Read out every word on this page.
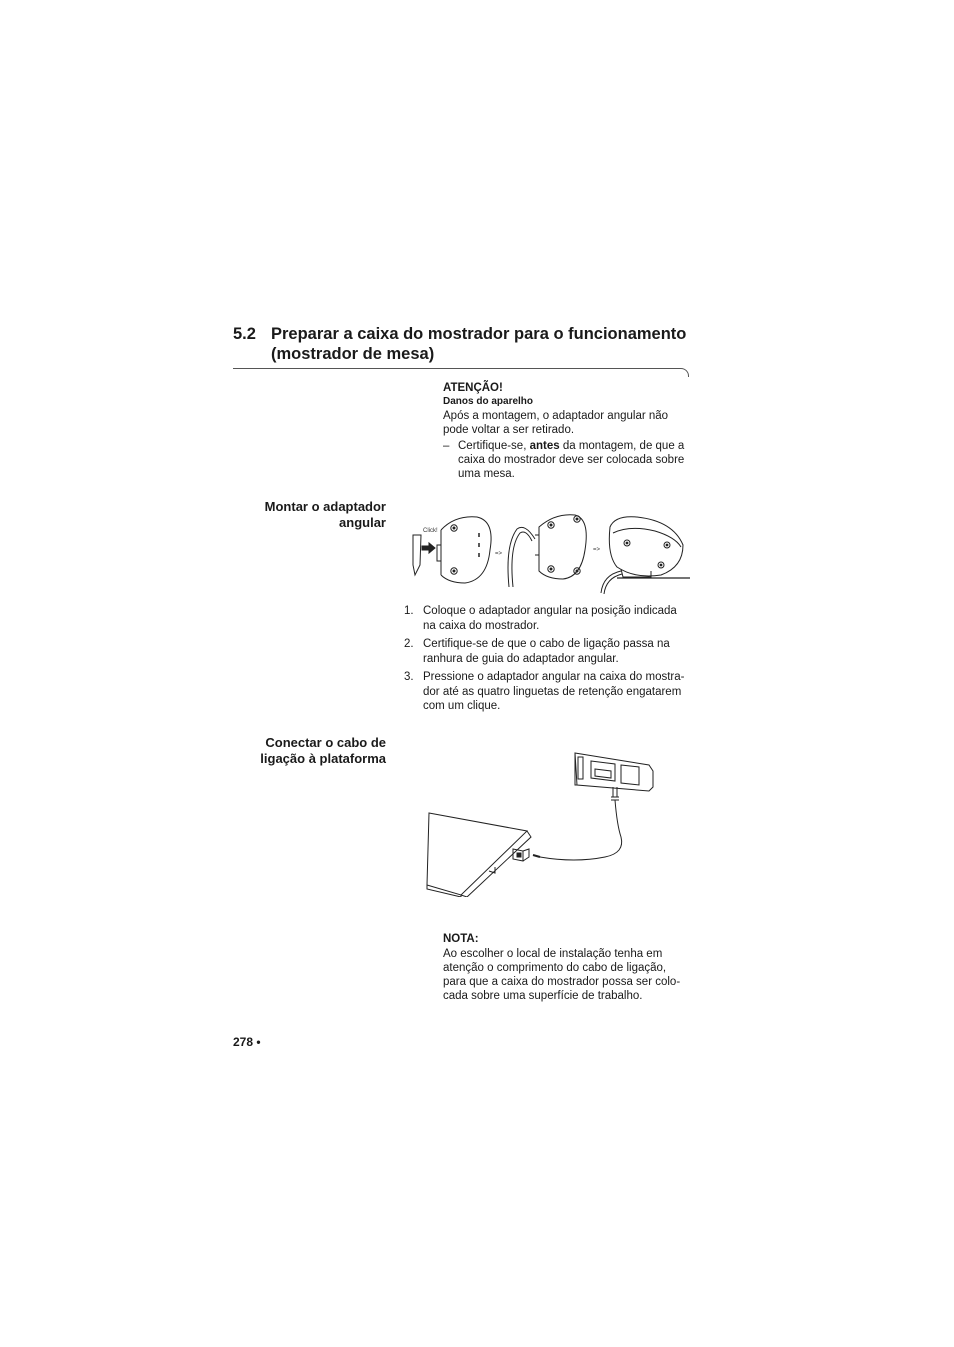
5.2 Preparar a caixa do mostrador para o funcionamento
(mostrador de mesa)
ATENÇÃO!
Danos do aparelho
Após a montagem, o adaptador angular não
pode voltar a ser retirado.
– Certifique-se, antes da montagem, de que a
caixa do mostrador deve ser colocada sobre
uma mesa.
Montar o adaptador
angular
Click!
=>
=>
1. Coloque o adaptador angular na posição indicada
na caixa do mostrador.
2. Certifique-se de que o cabo de ligação passa na
ranhura de guia do adaptador angular.
3. Pressione o adaptador angular na caixa do mostra-
dor até as quatro linguetas de retenção engatarem
com um clique.
Conectar o cabo de
ligação à plataforma
NOTA:
Ao escolher o local de instalação tenha em
atenção o comprimento do cabo de ligação,
para que a caixa do mostrador possa ser colo-
cada sobre uma superfície de trabalho.
278 •
